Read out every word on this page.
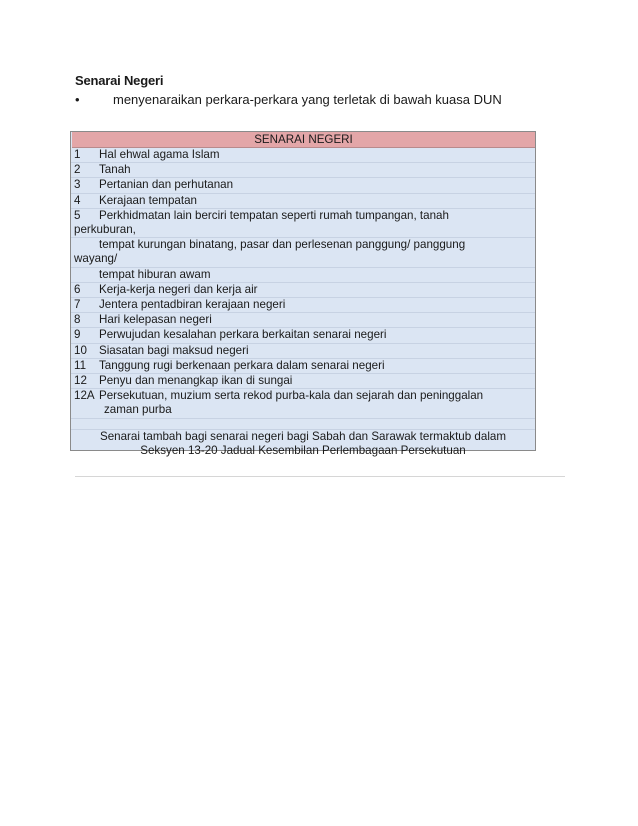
Senarai Negeri
•	menyenaraikan perkara-perkara yang terletak di bawah kuasa DUN
SENARAI NEGERI
1 Hal ehwal agama Islam
2 Tanah
3 Pertanian dan perhutanan
4 Kerajaan tempatan
5 Perkhidmatan lain berciri tempatan seperti rumah tumpangan, tanah
perkuburan,
tempat kurungan binatang, pasar dan perlesenan panggung/ panggung
wayang/
tempat hiburan awam
6 Kerja-kerja negeri dan kerja air
7 Jentera pentadbiran kerajaan negeri
8 Hari kelepasan negeri
9 Perwujudan kesalahan perkara berkaitan senarai negeri
10 Siasatan bagi maksud negeri
11 Tanggung rugi berkenaan perkara dalam senarai negeri
12 Penyu dan menangkap ikan di sungai
12A Persekutuan, muzium serta rekod purba-kala dan sejarah dan peninggalan
zaman purba
Senarai tambah bagi senarai negeri bagi Sabah dan Sarawak termaktub dalam
Seksyen 13-20 Jadual Kesembilan Perlembagaan Persekutuan
